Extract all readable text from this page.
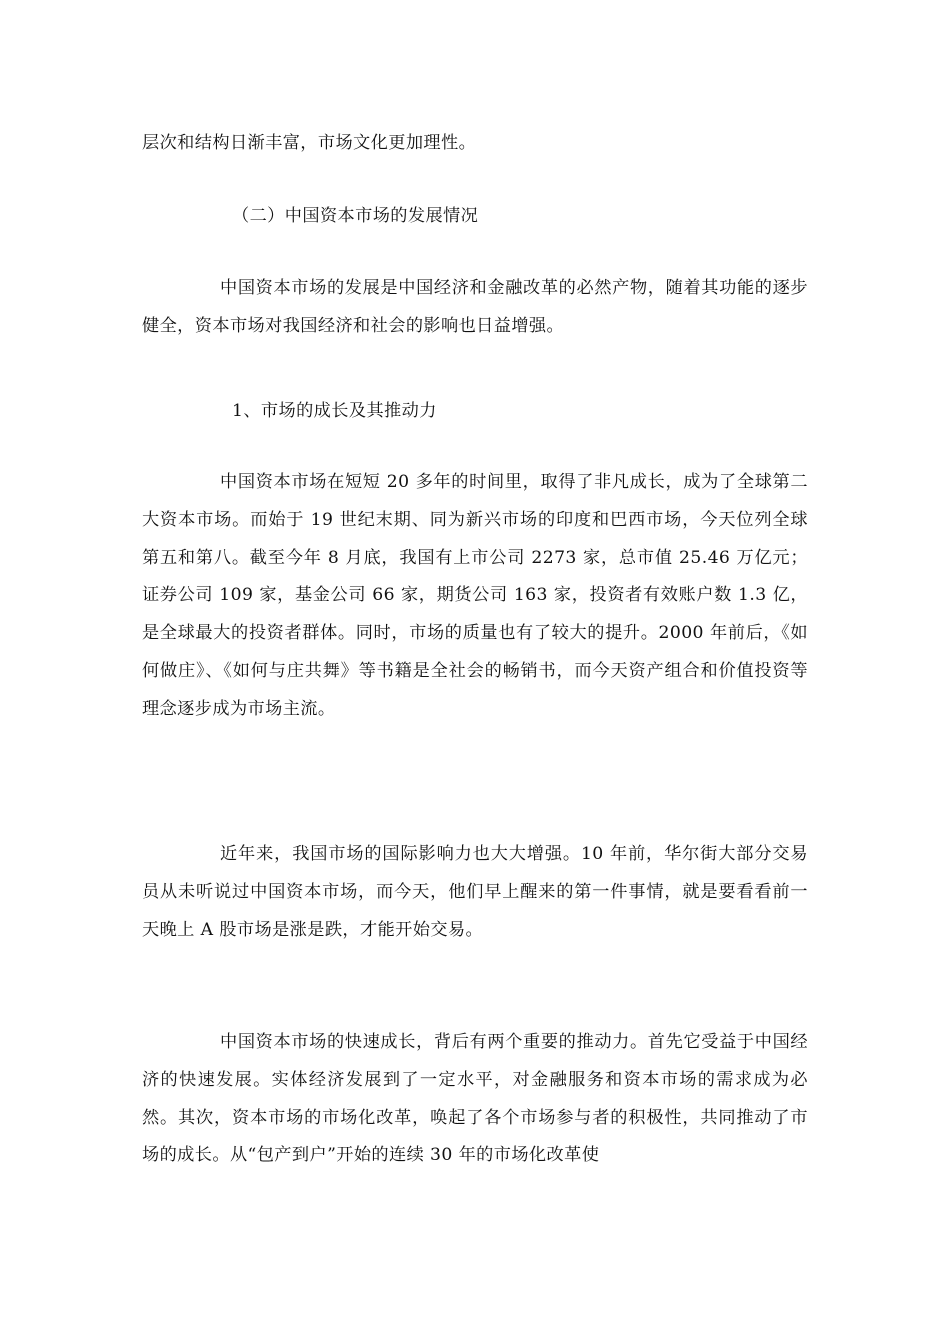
层次和结构日渐丰富，市场文化更加理性。

（二）中国资本市场的发展情况

中国资本市场的发展是中国经济和金融改革的必然产物，随着其功能的逐步健全，资本市场对我国经济和社会的影响也日益增强。

1、市场的成长及其推动力

中国资本市场在短短 20 多年的时间里，取得了非凡成长，成为了全球第二大资本市场。而始于 19 世纪末期、同为新兴市场的印度和巴西市场，今天位列全球第五和第八。截至今年 8 月底，我国有上市公司 2273 家，总市值 25.46 万亿元；证券公司 109 家，基金公司 66 家，期货公司 163 家，投资者有效账户数 1.3 亿，是全球最大的投资者群体。同时，市场的质量也有了较大的提升。2000 年前后，《如何做庄》、《如何与庄共舞》等书籍是全社会的畅销书，而今天资产组合和价值投资等理念逐步成为市场主流。

近年来，我国市场的国际影响力也大大增强。10 年前，华尔街大部分交易员从未听说过中国资本市场，而今天，他们早上醒来的第一件事情，就是要看看前一天晚上 A 股市场是涨是跌，才能开始交易。

中国资本市场的快速成长，背后有两个重要的推动力。首先它受益于中国经济的快速发展。实体经济发展到了一定水平，对金融服务和资本市场的需求成为必然。其次，资本市场的市场化改革，唤起了各个市场参与者的积极性，共同推动了市场的成长。从“包产到户”开始的连续 30 年的市场化改革使
